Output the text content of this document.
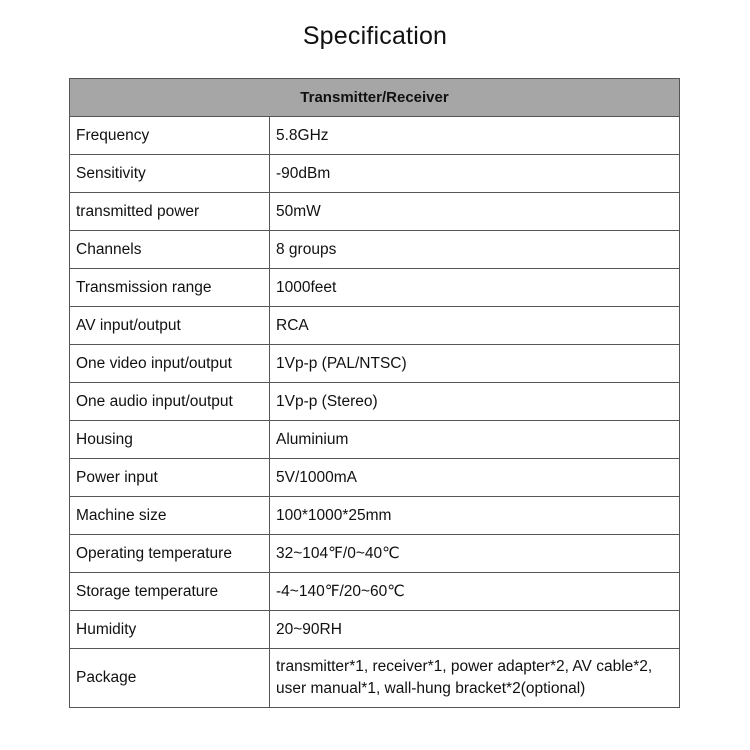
Specification
Transmitter/Receiver	
Frequency	5.8GHz
Sensitivity	-90dBm
transmitted power	50mW
Channels	8 groups
Transmission range	1000feet
AV input/output	RCA
One video input/output	1Vp-p (PAL/NTSC)
One audio input/output	1Vp-p (Stereo)
Housing	Aluminium
Power input	5V/1000mA
Machine size	100*1000*25mm
Operating temperature	32~104℉/0~40℃
Storage temperature	-4~140℉/20~60℃
Humidity	20~90RH
Package	transmitter*1, receiver*1, power adapter*2, AV cable*2,
user manual*1, wall-hung bracket*2(optional)
